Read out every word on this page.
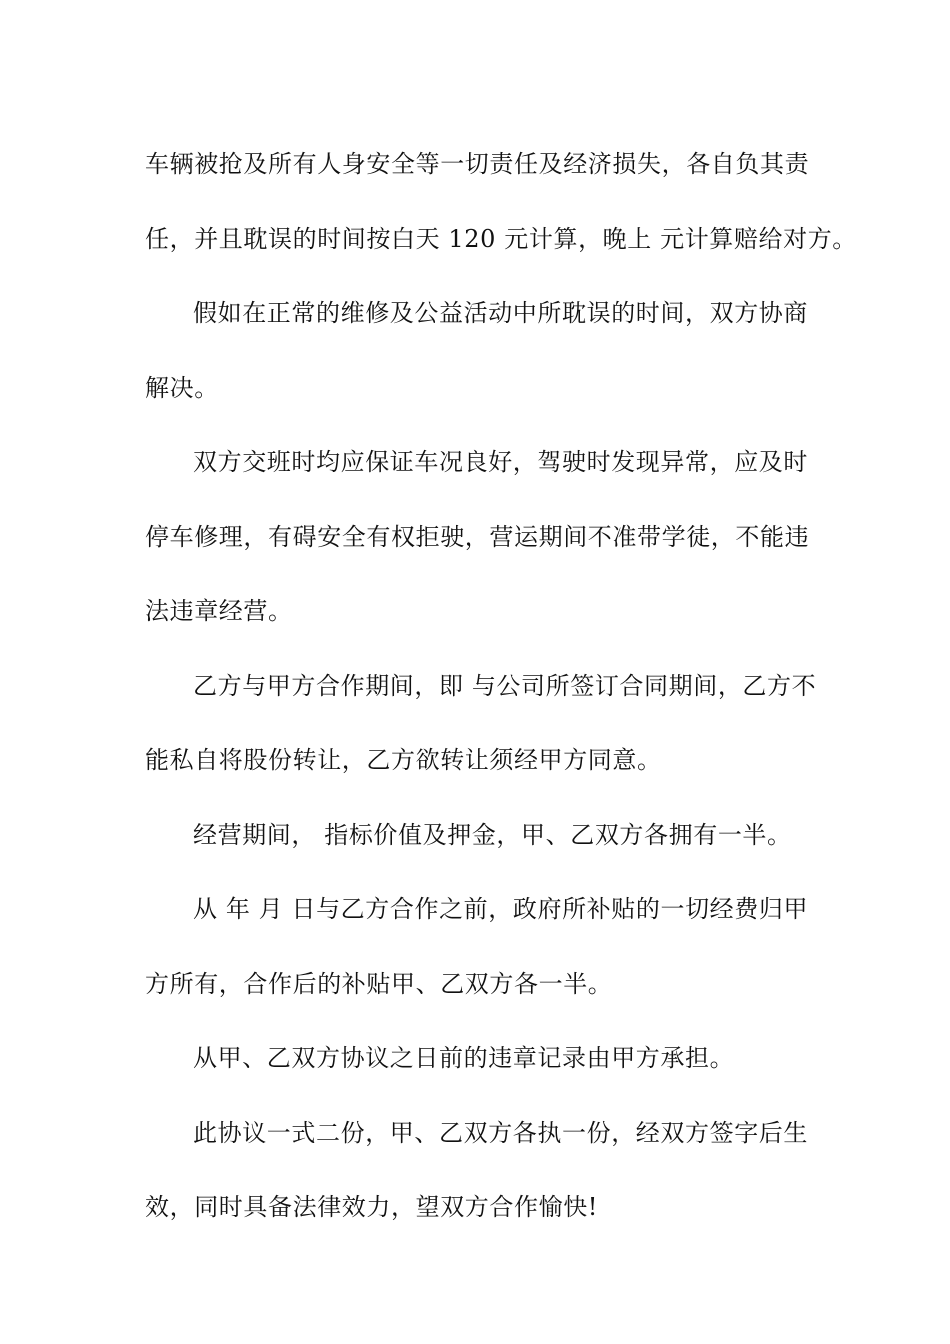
车辆被抢及所有人身安全等一切责任及经济损失，各自负其责
任，并且耽误的时间按白天 120 元计算，晚上 元计算赔给对方。

假如在正常的维修及公益活动中所耽误的时间，双方协商
解决。

双方交班时均应保证车况良好，驾驶时发现异常，应及时
停车修理，有碍安全有权拒驶，营运期间不准带学徒，不能违
法违章经营。

乙方与甲方合作期间，即 与公司所签订合同期间，乙方不
能私自将股份转让，乙方欲转让须经甲方同意。

经营期间， 指标价值及押金，甲、乙双方各拥有一半。

从 年 月 日与乙方合作之前，政府所补贴的一切经费归甲
方所有，合作后的补贴甲、乙双方各一半。

从甲、乙双方协议之日前的违章记录由甲方承担。

此协议一式二份，甲、乙双方各执一份，经双方签字后生
效，同时具备法律效力，望双方合作愉快!
